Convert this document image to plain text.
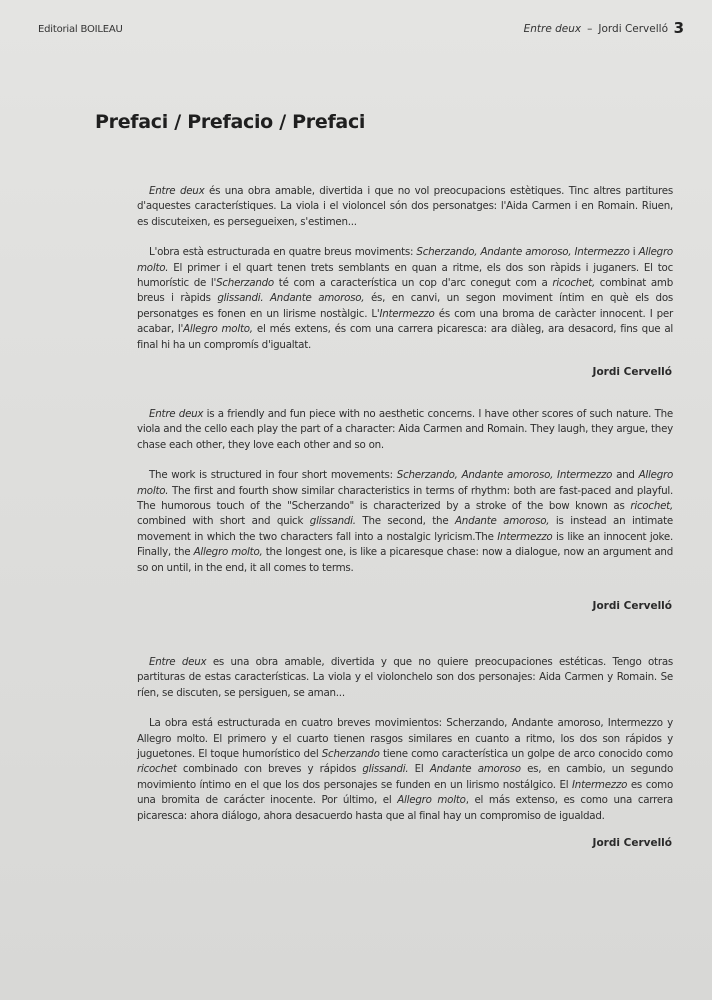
Editorial BOILEAU	Entre deux – Jordi Cervelló 3
Prefaci / Prefacio / Prefaci

Entre deux és una obra amable, divertida i que no vol preocupacions estètiques. Tinc altres partitures d'aquestes característiques. La viola i el violoncel són dos personatges: l'Aida Carmen i en Romain. Riuen, es discuteixen, es persegueixen, s'estimen...

L'obra està estructurada en quatre breus moviments: Scherzando, Andante amoroso, Intermezzo i Allegro molto. El primer i el quart tenen trets semblants en quan a ritme, els dos son ràpids i juganers. El toc humorístic de l'Scherzando té com a característica un cop d'arc conegut com a ricochet, combinat amb breus i ràpids glissandi. Andante amoroso, és, en canvi, un segon moviment íntim en què els dos personatges es fonen en un lirisme nostàlgic. L'Intermezzo és com una broma de caràcter innocent. I per acabar, l'Allegro molto, el més extens, és com una carrera picaresca: ara diàleg, ara desacord, fins que al final hi ha un compromís d'igualtat.

Jordi Cervelló

Entre deux is a friendly and fun piece with no aesthetic concerns. I have other scores of such nature. The viola and the cello each play the part of a character: Aida Carmen and Romain. They laugh, they argue, they chase each other, they love each other and so on.

The work is structured in four short movements: Scherzando, Andante amoroso, Intermezzo and Allegro molto. The first and fourth show similar characteristics in terms of rhythm: both are fast-paced and playful. The humorous touch of the "Scherzando" is characterized by a stroke of the bow known as ricochet, combined with short and quick glissandi. The second, the Andante amoroso, is instead an intimate movement in which the two characters fall into a nostalgic lyricism.The Intermezzo is like an innocent joke. Finally, the Allegro molto, the longest one, is like a picaresque chase: now a dialogue, now an argument and so on until, in the end, it all comes to terms.

Jordi Cervelló

Entre deux es una obra amable, divertida y que no quiere preocupaciones estéticas. Tengo otras partituras de estas características. La viola y el violonchelo son dos personajes: Aida Carmen y Romain. Se ríen, se discuten, se persiguen, se aman...

La obra está estructurada en cuatro breves movimientos: Scherzando, Andante amoroso, Intermezzo y Allegro molto. El primero y el cuarto tienen rasgos similares en cuanto a ritmo, los dos son rápidos y juguetones. El toque humorístico del Scherzando tiene como característica un golpe de arco conocido como ricochet combinado con breves y rápidos glissandi. El Andante amoroso es, en cambio, un segundo movimiento íntimo en el que los dos personajes se funden en un lirismo nostálgico. El Intermezzo es como una bromita de carácter inocente. Por último, el Allegro molto, el más extenso, es como una carrera picaresca: ahora diálogo, ahora desacuerdo hasta que al final hay un compromiso de igualdad.

Jordi Cervelló
